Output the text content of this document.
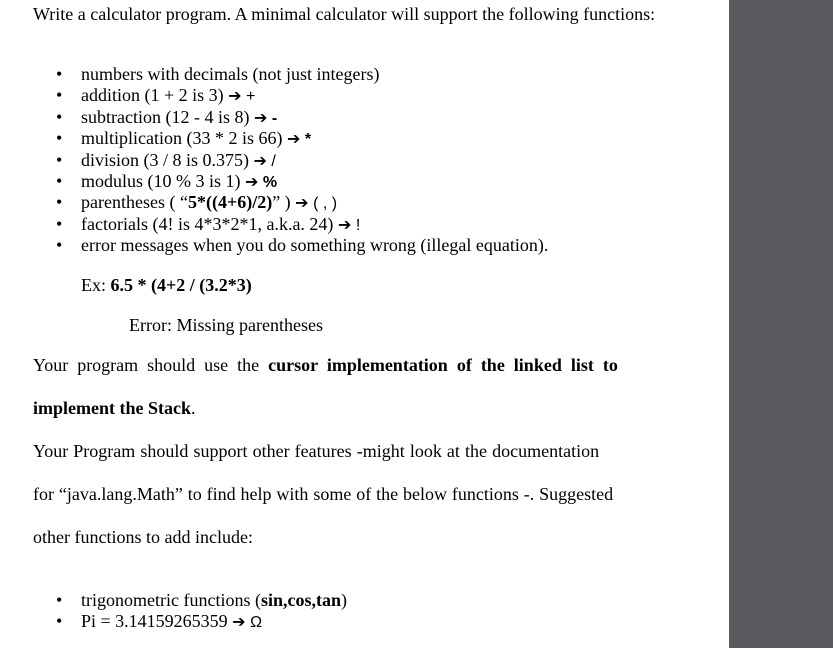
Write a calculator program. A minimal calculator will support the following functions:
• numbers with decimals (not just integers)
• addition (1 + 2 is 3) ➔ +
• subtraction (12 - 4 is 8) ➔ -
• multiplication (33 * 2 is 66) ➔ *
• division (3 / 8 is 0.375) ➔ /
• modulus (10 % 3 is 1) ➔ %
• parentheses ( “5*((4+6)/2)” ) ➔ ( , )
• factorials (4! is 4*3*2*1, a.k.a. 24) ➔ !
• error messages when you do something wrong (illegal equation).
Ex: 6.5 * (4+2 / (3.2*3)
Error: Missing parentheses
Your program should use the cursor implementation of the linked list to
implement the Stack.
Your Program should support other features -might look at the documentation
for “java.lang.Math” to find help with some of the below functions -. Suggested
other functions to add include:
• trigonometric functions (sin,cos,tan)
• Pi = 3.14159265359 ➔ Ω
